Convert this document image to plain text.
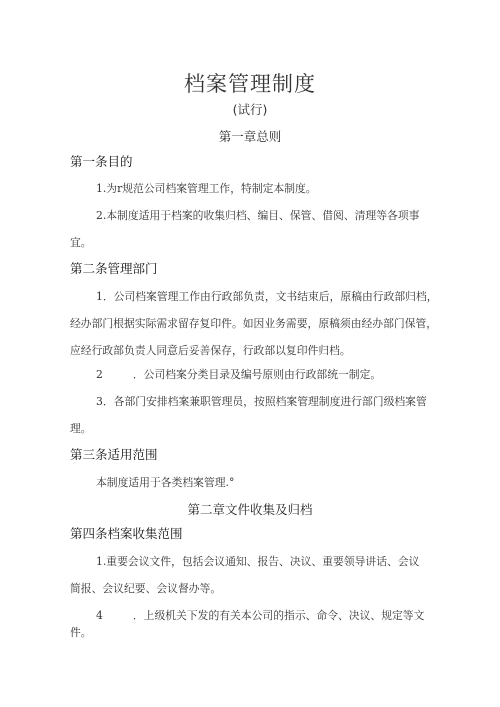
档案管理制度
(试行)
第一章总则
第一条目的
1.为r规范公司档案管理工作，特制定本制度。
2.本制度适用于档案的收集归档、编目、保管、借阅、清理等各项事
宜。
第二条管理部门
1．公司档案管理工作由行政部负责，文书结束后，原稿由行政部归档，
经办部门根据实际需求留存复印件。如因业务需要，原稿须由经办部门保管，
应经行政部负责人同意后妥善保存，行政部以复印件归档。
2	．公司档案分类目录及编号原则由行政部统一制定。
3．各部门安排档案兼职管理员，按照档案管理制度进行部门级档案管
理。
第三条适用范围
本制度适用于各类档案管理.°
第二章文件收集及归档
第四条档案收集范围
1.重要会议文件，包括会议通知、报告、决议、重要领导讲话、会议
简报、会议纪要、会议督办等。
4	．上级机关下发的有关本公司的指示、命令、决议、规定等文
件。
